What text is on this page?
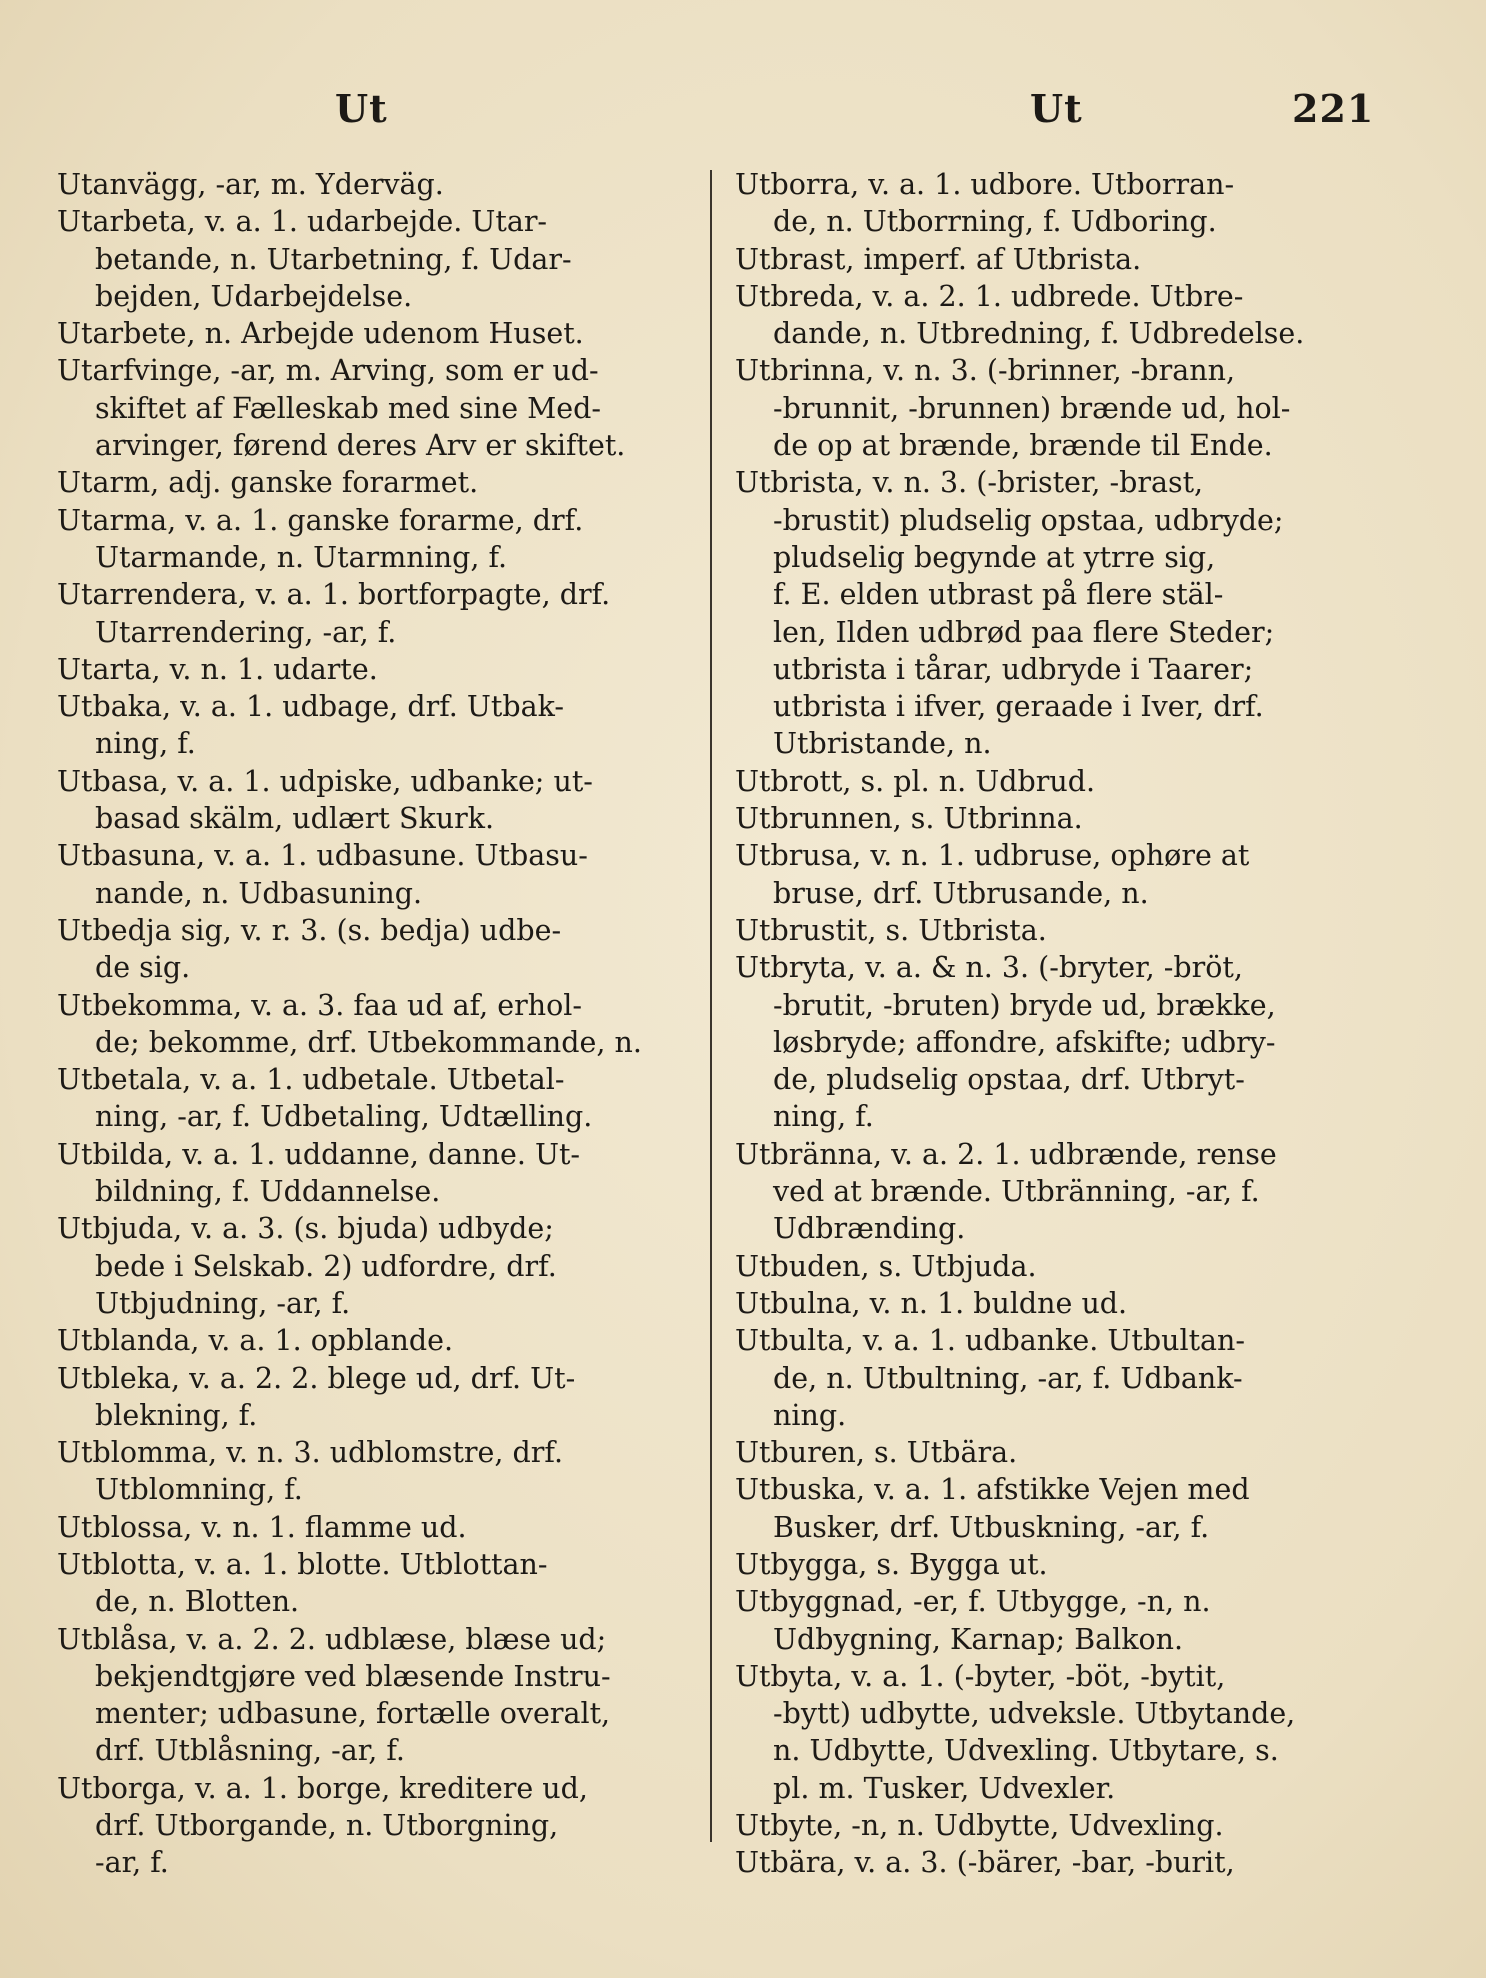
Ut	Ut	221
Utanvägg, -ar, m. Yderväg.
Utarbeta, v. a. 1. udarbejde. Utar-
betande, n. Utarbetning, f. Udar-
bejden, Udarbejdelse.
Utarbete, n. Arbejde udenom Huset.
Utarfvinge, -ar, m. Arving, som er ud-
skiftet af Fælleskab med sine Med-
arvinger, førend deres Arv er skiftet.
Utarm, adj. ganske forarmet.
Utarma, v. a. 1. ganske forarme, drf.
Utarmande, n. Utarmning, f.
Utarrendera, v. a. 1. bortforpagte, drf.
Utarrendering, -ar, f.
Utarta, v. n. 1. udarte.
Utbaka, v. a. 1. udbage, drf. Utbak-
ning, f.
Utbasa, v. a. 1. udpiske, udbanke; ut-
basad skälm, udlært Skurk.
Utbasuna, v. a. 1. udbasune. Utbasu-
nande, n. Udbasuning.
Utbedja sig, v. r. 3. (s. bedja) udbe-
de sig.
Utbekomma, v. a. 3. faa ud af, erhol-
de; bekomme, drf. Utbekommande, n.
Utbetala, v. a. 1. udbetale. Utbetal-
ning, -ar, f. Udbetaling, Udtælling.
Utbilda, v. a. 1. uddanne, danne. Ut-
bildning, f. Uddannelse.
Utbjuda, v. a. 3. (s. bjuda) udbyde;
bede i Selskab. 2) udfordre, drf.
Utbjudning, -ar, f.
Utblanda, v. a. 1. opblande.
Utbleka, v. a. 2. 2. blege ud, drf. Ut-
blekning, f.
Utblomma, v. n. 3. udblomstre, drf.
Utblomning, f.
Utblossa, v. n. 1. flamme ud.
Utblotta, v. a. 1. blotte. Utblottan-
de, n. Blotten.
Utblåsa, v. a. 2. 2. udblæse, blæse ud;
bekjendtgjøre ved blæsende Instru-
menter; udbasune, fortælle overalt,
drf. Utblåsning, -ar, f.
Utborga, v. a. 1. borge, kreditere ud,
drf. Utborgande, n. Utborgning,
-ar, f.
Utborra, v. a. 1. udbore. Utborran-
de, n. Utborrning, f. Udboring.
Utbrast, imperf. af Utbrista.
Utbreda, v. a. 2. 1. udbrede. Utbre-
dande, n. Utbredning, f. Udbredelse.
Utbrinna, v. n. 3. (-brinner, -brann,
-brunnit, -brunnen) brænde ud, hol-
de op at brænde, brænde til Ende.
Utbrista, v. n. 3. (-brister, -brast,
-brustit) pludselig opstaa, udbryde;
pludselig begynde at ytrre sig,
f. E. elden utbrast på flere stäl-
len, Ilden udbrød paa flere Steder;
utbrista i tårar, udbryde i Taarer;
utbrista i ifver, geraade i Iver, drf.
Utbristande, n.
Utbrott, s. pl. n. Udbrud.
Utbrunnen, s. Utbrinna.
Utbrusa, v. n. 1. udbruse, ophøre at
bruse, drf. Utbrusande, n.
Utbrustit, s. Utbrista.
Utbryta, v. a. & n. 3. (-bryter, -bröt,
-brutit, -bruten) bryde ud, brække,
løsbryde; affondre, afskifte; udbry-
de, pludselig opstaa, drf. Utbryt-
ning, f.
Utbränna, v. a. 2. 1. udbrænde, rense
ved at brænde. Utbränning, -ar, f.
Udbrænding.
Utbuden, s. Utbjuda.
Utbulna, v. n. 1. buldne ud.
Utbulta, v. a. 1. udbanke. Utbultan-
de, n. Utbultning, -ar, f. Udbank-
ning.
Utburen, s. Utbära.
Utbuska, v. a. 1. afstikke Vejen med
Busker, drf. Utbuskning, -ar, f.
Utbygga, s. Bygga ut.
Utbyggnad, -er, f. Utbygge, -n, n.
Udbygning, Karnap; Balkon.
Utbyta, v. a. 1. (-byter, -böt, -bytit,
-bytt) udbytte, udveksle. Utbytande,
n. Udbytte, Udvexling. Utbytare, s.
pl. m. Tusker, Udvexler.
Utbyte, -n, n. Udbytte, Udvexling.
Utbära, v. a. 3. (-bärer, -bar, -burit,
